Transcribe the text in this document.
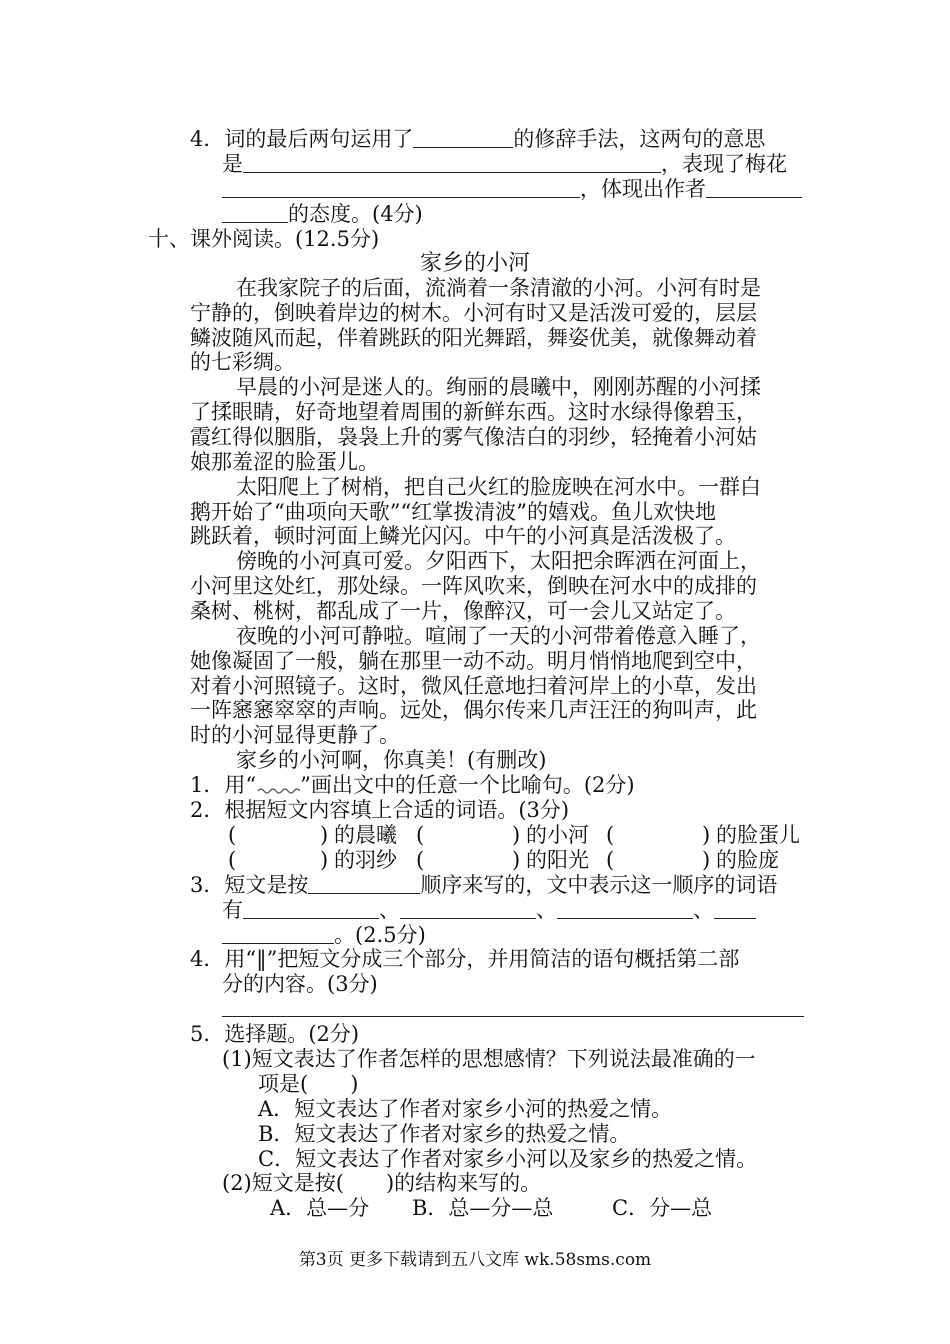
4．词的最后两句运用了	的修辞手法，这两句的意思
是	，表现了梅花
，体现出作者
的态度。(4分)
十、课外阅读。(12.5分)
家乡的小河
在我家院子的后面，流淌着一条清澈的小河。小河有时是
宁静的，倒映着岸边的树木。小河有时又是活泼可爱的，层层
鳞波随风而起，伴着跳跃的阳光舞蹈，舞姿优美，就像舞动着
的七彩绸。
早晨的小河是迷人的。绚丽的晨曦中，刚刚苏醒的小河揉
了揉眼睛，好奇地望着周围的新鲜东西。这时水绿得像碧玉，
霞红得似胭脂，袅袅上升的雾气像洁白的羽纱，轻掩着小河姑
娘那羞涩的脸蛋儿。
太阳爬上了树梢，把自己火红的脸庞映在河水中。一群白
鹅开始了“曲项向天歌”“红掌拨清波”的嬉戏。鱼儿欢快地
跳跃着，顿时河面上鳞光闪闪。中午的小河真是活泼极了。
傍晚的小河真可爱。夕阳西下，太阳把余晖洒在河面上，
小河里这处红，那处绿。一阵风吹来，倒映在河水中的成排的
桑树、桃树，都乱成了一片，像醉汉，可一会儿又站定了。
夜晚的小河可静啦。喧闹了一天的小河带着倦意入睡了，
她像凝固了一般，躺在那里一动不动。明月悄悄地爬到空中，
对着小河照镜子。这时，微风任意地扫着河岸上的小草，发出
一阵窸窸窣窣的声响。远处，偶尔传来几声汪汪的狗叫声，此
时的小河显得更静了。
家乡的小河啊，你真美！(有删改)
1．用“ ”画出文中的任意一个比喻句。(2分)
2．根据短文内容填上合适的词语。(3分)
(	) 的晨曦 (	) 的小河 (	) 的脸蛋儿
(	) 的羽纱 (	) 的阳光 (	) 的脸庞
3．短文是按	顺序来写的，文中表示这一顺序的词语
有	、	、	、
。(2.5分)
4．用“‖”把短文分成三个部分，并用简洁的语句概括第二部
分的内容。(3分)
5．选择题。(2分)
(1)短文表达了作者怎样的思想感情？下列说法最准确的一
项是(　　)
A．短文表达了作者对家乡小河的热爱之情。
B．短文表达了作者对家乡的热爱之情。
C．短文表达了作者对家乡小河以及家乡的热爱之情。
(2)短文是按(　　)的结构来写的。
A．总—分 B．总—分—总	C．分—总
第3页 更多下载请到五八文库 wk.58sms.com
